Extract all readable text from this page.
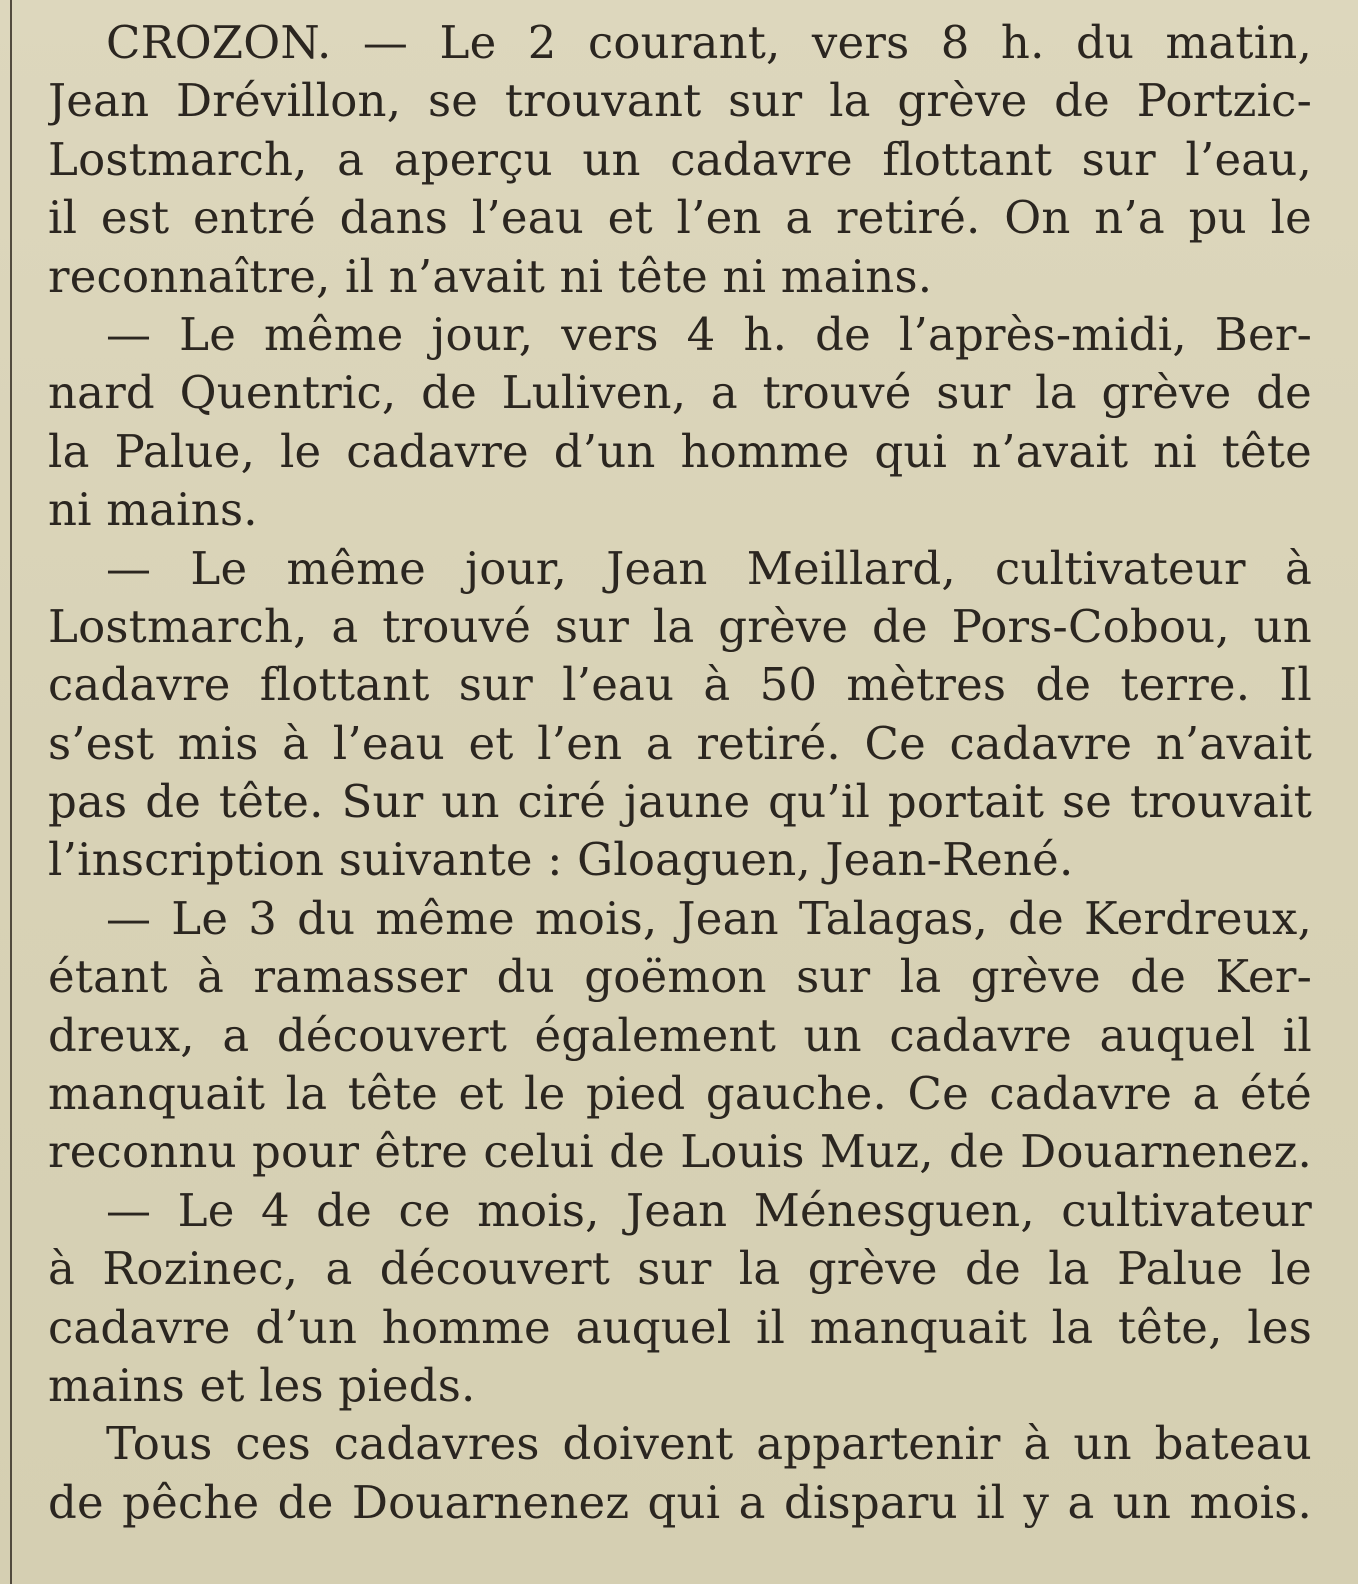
CROZON. — Le 2 courant, vers 8 h. du matin,
Jean Drévillon, se trouvant sur la grève de Portzic-
Lostmarch, a aperçu un cadavre flottant sur l’eau,
il est entré dans l’eau et l’en a retiré. On n’a pu le
reconnaître, il n’avait ni tête ni mains.
— Le même jour, vers 4 h. de l’après-midi, Ber-
nard Quentric, de Luliven, a trouvé sur la grève de
la Palue, le cadavre d’un homme qui n’avait ni tête
ni mains.
— Le même jour, Jean Meillard, cultivateur à
Lostmarch, a trouvé sur la grève de Pors-Cobou, un
cadavre flottant sur l’eau à 50 mètres de terre. Il
s’est mis à l’eau et l’en a retiré. Ce cadavre n’avait
pas de tête. Sur un ciré jaune qu’il portait se trouvait
l’inscription suivante : Gloaguen, Jean-René.
— Le 3 du même mois, Jean Talagas, de Kerdreux,
étant à ramasser du goëmon sur la grève de Ker-
dreux, a découvert également un cadavre auquel il
manquait la tête et le pied gauche. Ce cadavre a été
reconnu pour être celui de Louis Muz, de Douarnenez.
— Le 4 de ce mois, Jean Ménesguen, cultivateur
à Rozinec, a découvert sur la grève de la Palue le
cadavre d’un homme auquel il manquait la tête, les
mains et les pieds.
Tous ces cadavres doivent appartenir à un bateau
de pêche de Douarnenez qui a disparu il y a un mois.
